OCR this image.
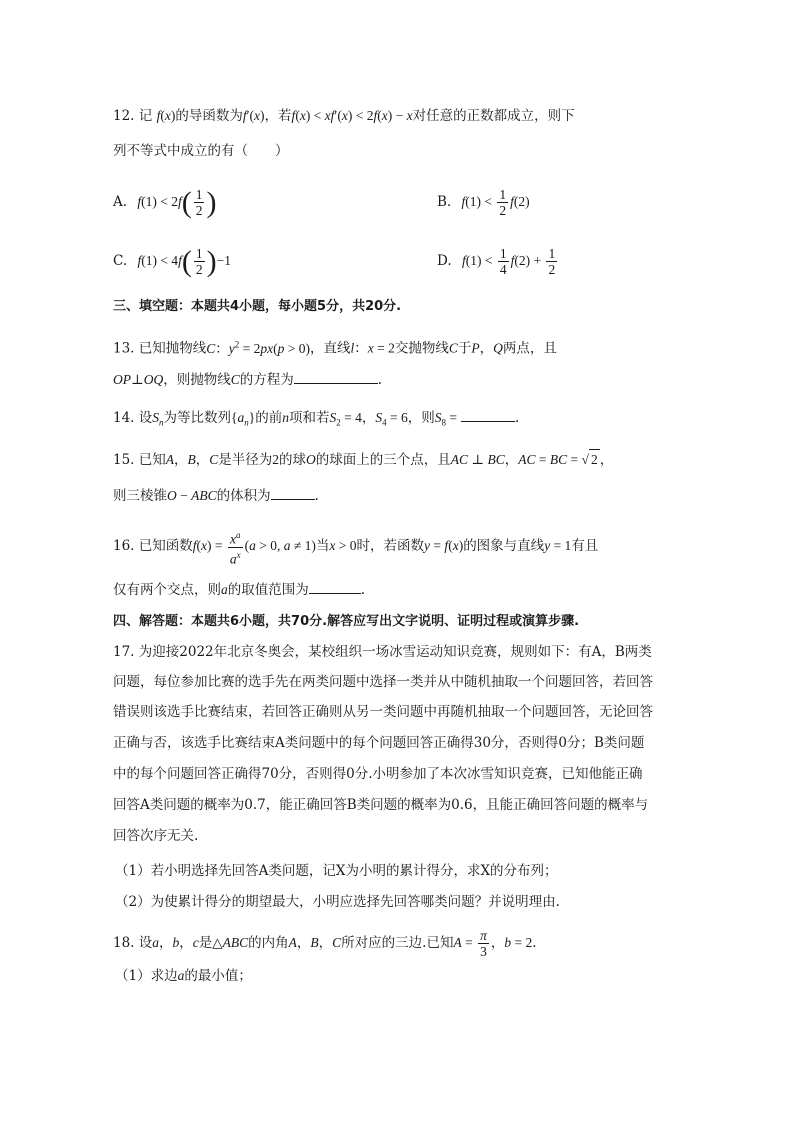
12. 记 f(x)的导函数为f′(x)，若f(x) < xf′(x) < 2f(x) − x对任意的正数都成立，则下
列不等式中成立的有（　　）
A. $f(1) < 2f( \frac{1}{2}$ )	B. $f(1) < \frac{1}{2} f(2)$
C. $f(1) < 4f( \frac{1}{2} )-1$	D. $f(1) < \frac{1}{4} f(2) + \frac{1}{2}$
三、填空题：本题共4小题，每小题5分，共20分.
13. 已知抛物线C：$y^2 = 2px(p > 0)$，直线l：x = 2交抛物线C于P，Q两点，且
OP⊥OQ，则抛物线C的方程为	.
14. 设$S_n$为等比数列$\{a_n\}$的前n项和若$S_2 = 4$，$S_4 = 6$，则$S_8$ =	.
15. 已知A，B，C是半径为2的球O的球面上的三个点，且AC ⊥ BC，AC = BC = √ 2 ，
则三棱锥O − ABC的体积为	.
16. 已知函数$f(x) = \frac{x^a}{a^x} (a > 0$, a ≠ 1)当x > 0时，若函数y = f(x)的图象与直线y = 1有且
仅有两个交点，则a的取值范围为	.
四、解答题：本题共6小题，共70分.解答应写出文字说明、证明过程或演算步骤.
17. 为迎接2022年北京冬奥会，某校组织一场冰雪运动知识竞赛，规则如下：有A，B两类
问题，每位参加比赛的选手先在两类问题中选择一类并从中随机抽取一个问题回答，若回答
错误则该选手比赛结束，若回答正确则从另一类问题中再随机抽取一个问题回答，无论回答
正确与否，该选手比赛结束A类问题中的每个问题回答正确得30分，否则得0分；B类问题
中的每个问题回答正确得70分，否则得0分.小明参加了本次冰雪知识竞赛，已知他能正确
回答A类问题的概率为0.7，能正确回答B类问题的概率为0.6，且能正确回答问题的概率与
回答次序无关.
（1）若小明选择先回答A类问题，记X为小明的累计得分，求X的分布列；
（2）为使累计得分的期望最大，小明应选择先回答哪类问题？并说明理由.
18. 设a，b，c是△ABC的内角A，B，C所对应的三边.已知$A = \frac{\pi}{3}$ ，b = 2.
（1）求边a的最小值；
